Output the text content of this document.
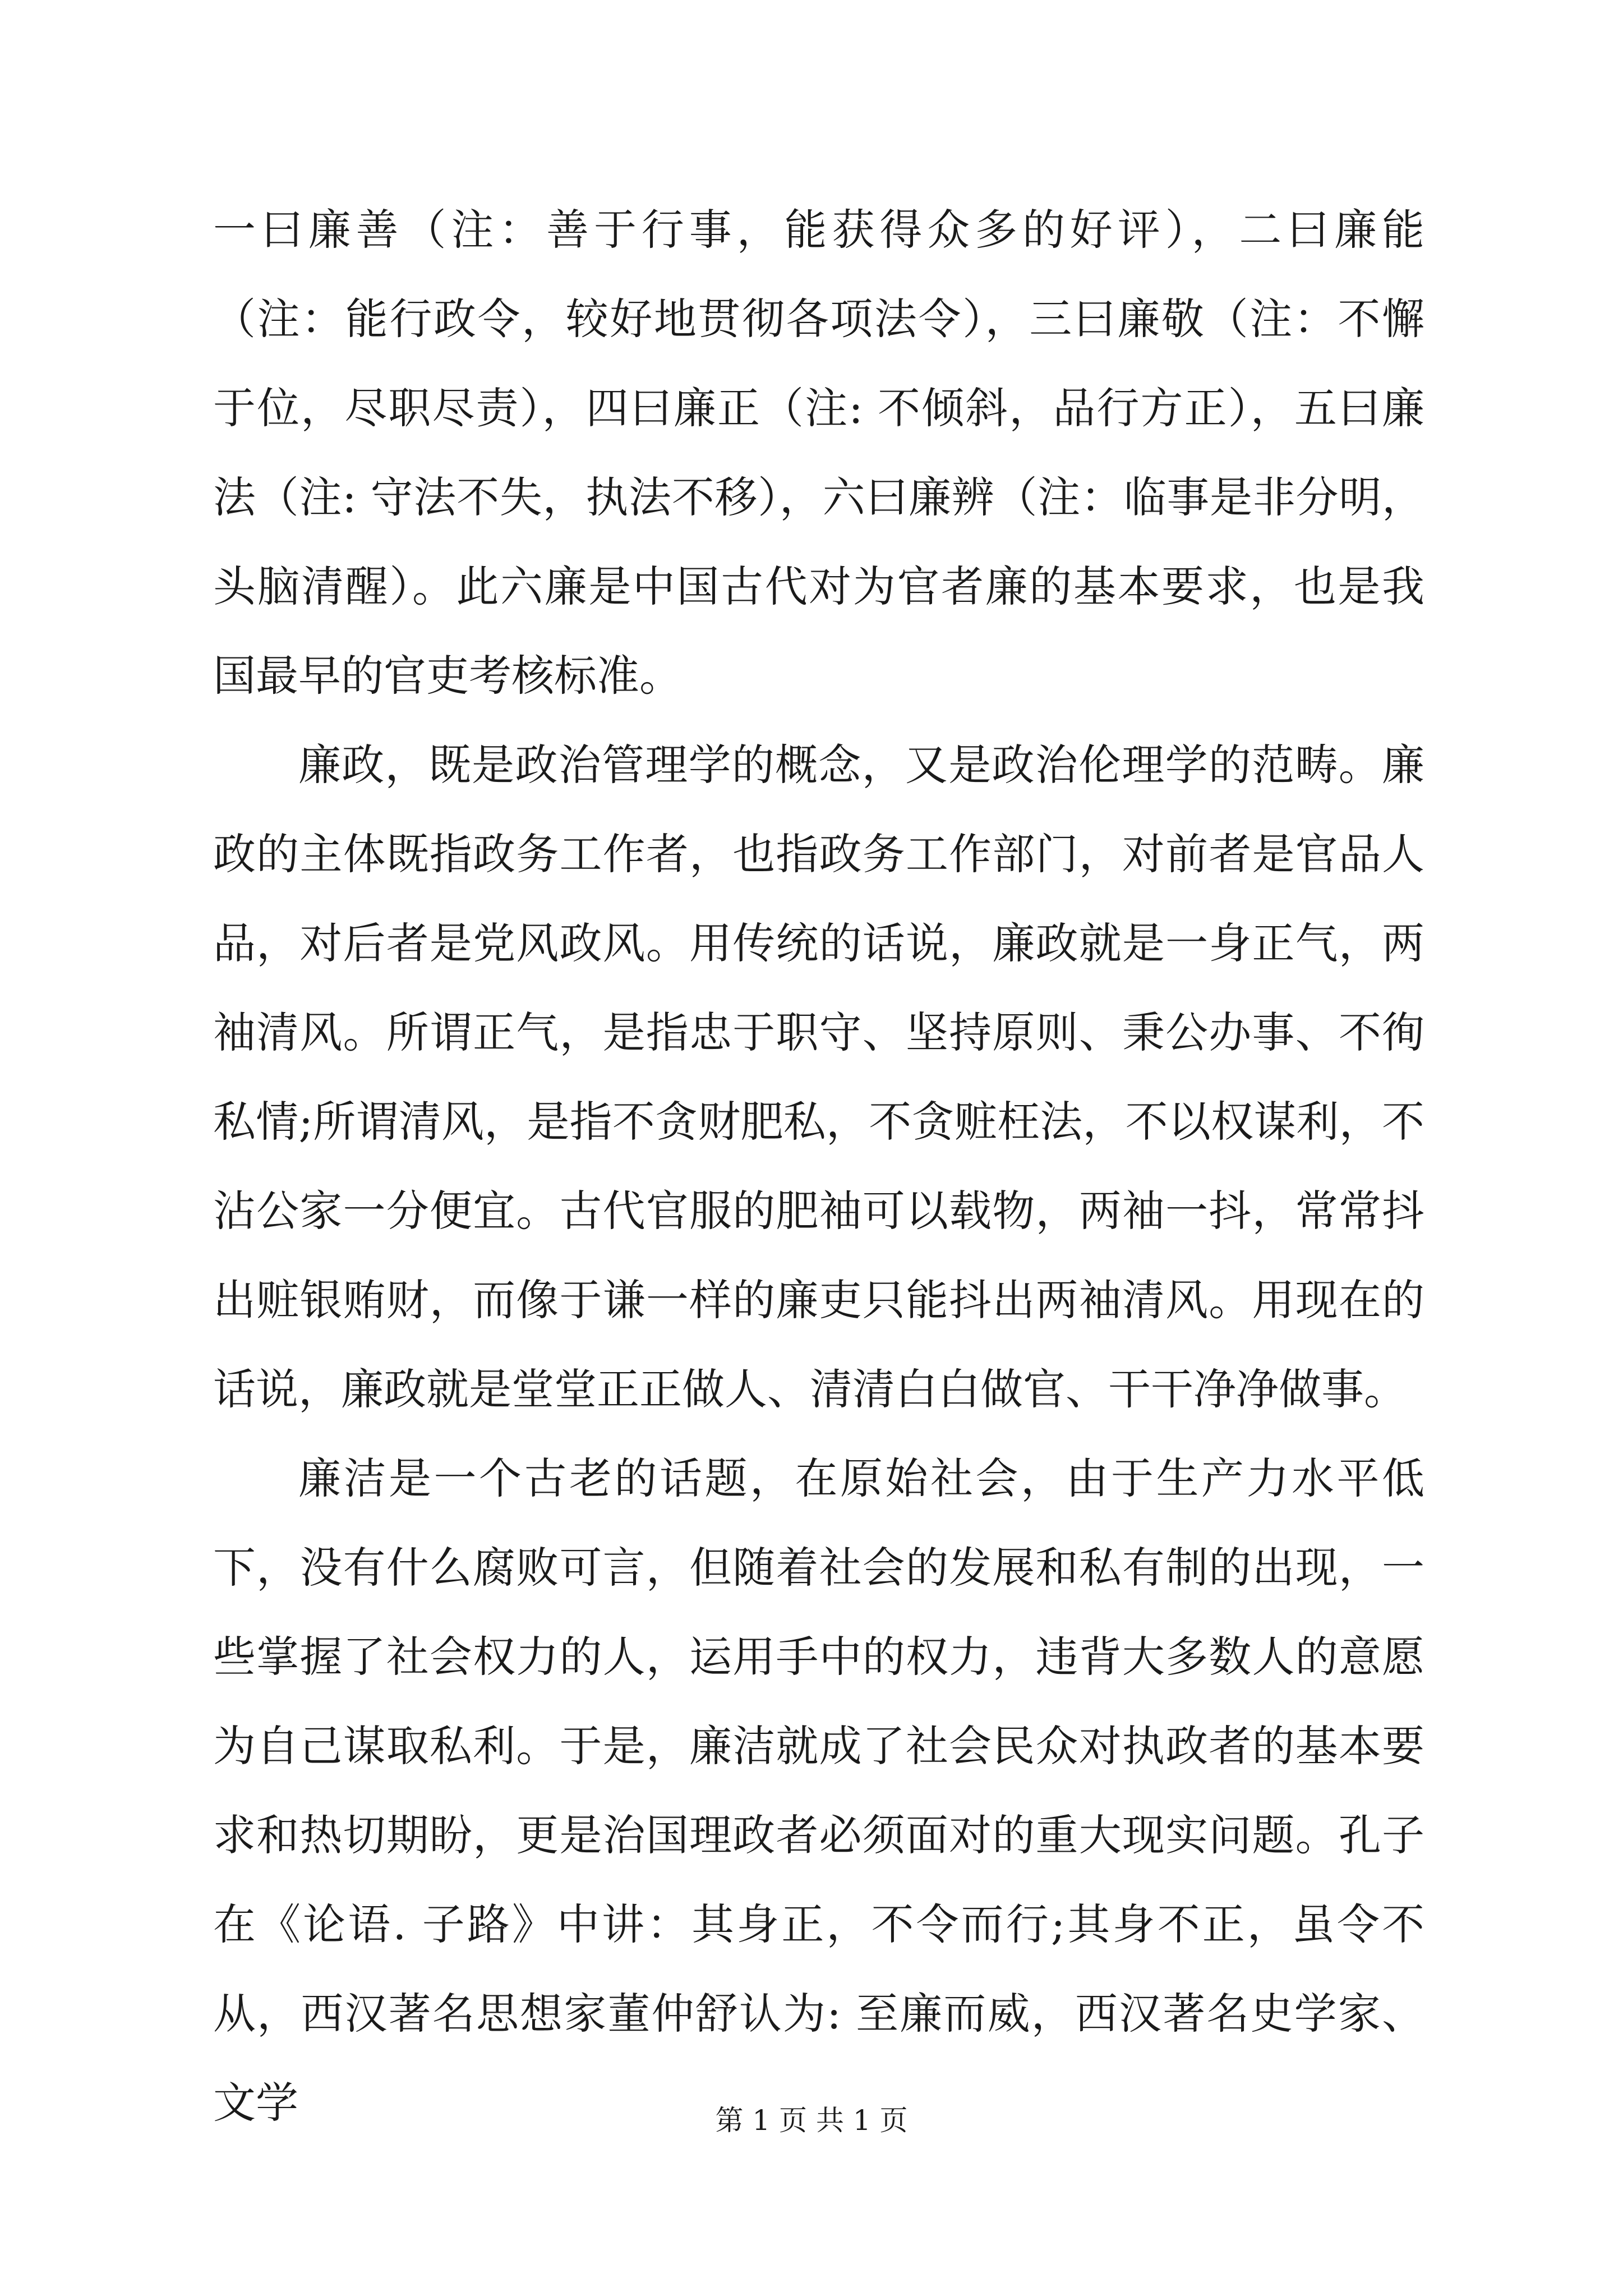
一曰廉善（注：善于行事，能获得众多的好评），二曰廉能（注：能行政令，较好地贯彻各项法令），三曰廉敬（注：不懈于位，尽职尽责），四曰廉正（注: 不倾斜，品行方正），五曰廉法（注: 守法不失，执法不移），六曰廉辨（注：临事是非分明，头脑清醒）。此六廉是中国古代对为官者廉的基本要求，也是我国最早的官吏考核标准。

廉政，既是政治管理学的概念，又是政治伦理学的范畴。廉政的主体既指政务工作者，也指政务工作部门，对前者是官品人品，对后者是党风政风。用传统的话说，廉政就是一身正气，两袖清风。所谓正气，是指忠于职守、坚持原则、秉公办事、不徇私情;所谓清风，是指不贪财肥私，不贪赃枉法，不以权谋利，不沾公家一分便宜。古代官服的肥袖可以载物，两袖一抖，常常抖出赃银贿财，而像于谦一样的廉吏只能抖出两袖清风。用现在的话说，廉政就是堂堂正正做人、清清白白做官、干干净净做事。

廉洁是一个古老的话题，在原始社会，由于生产力水平低下，没有什么腐败可言，但随着社会的发展和私有制的出现，一些掌握了社会权力的人，运用手中的权力，违背大多数人的意愿为自己谋取私利。于是，廉洁就成了社会民众对执政者的基本要求和热切期盼，更是治国理政者必须面对的重大现实问题。孔子在《论语. 子路》中讲：其身正，不令而行;其身不正，虽令不从，西汉著名思想家董仲舒认为: 至廉而威，西汉著名史学家、文学	第 1 页 共 1 页
